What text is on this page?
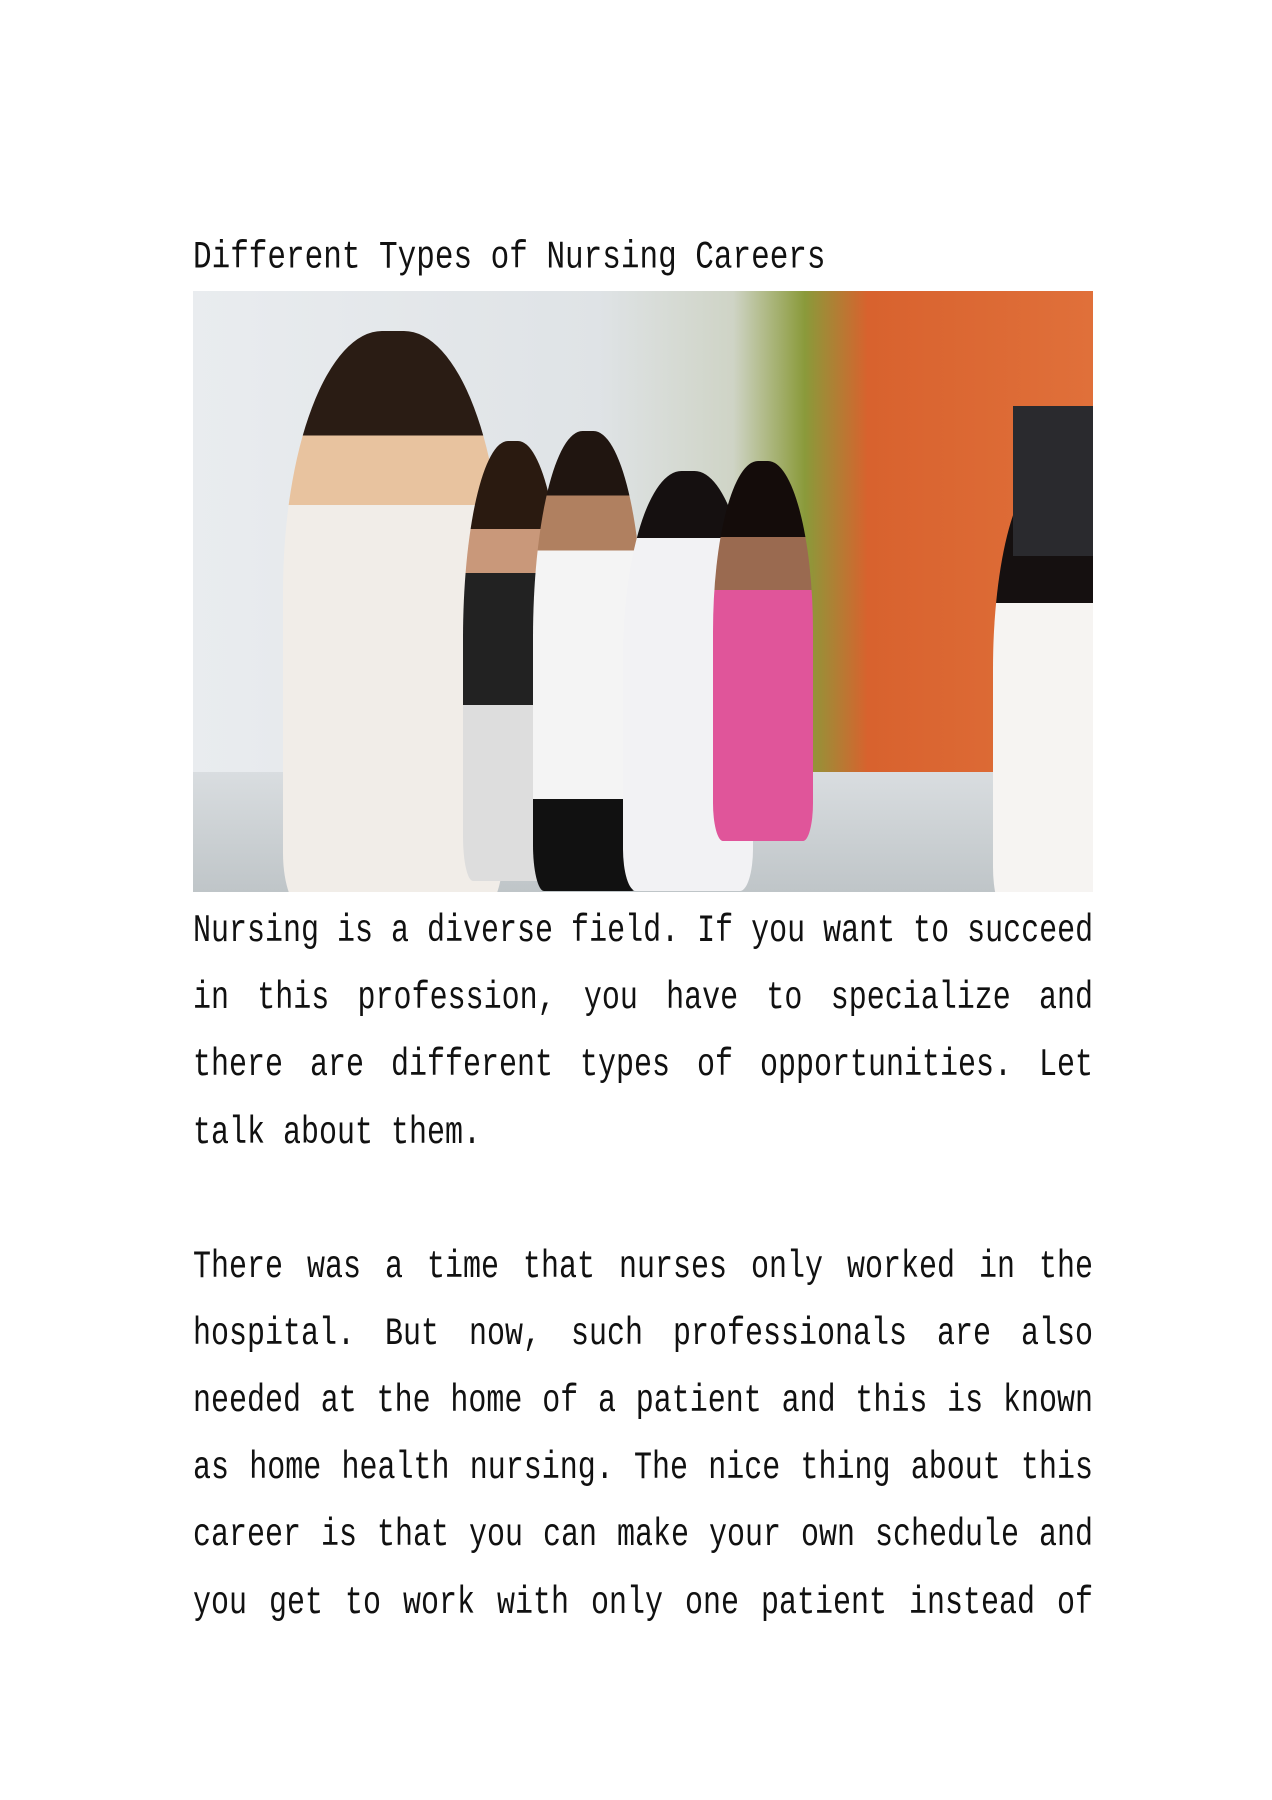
Different Types of Nursing Careers
Nursing is a diverse field. If you want to succeed
in this profession, you have to specialize and
there are different types of opportunities. Let
talk about them.
There was a time that nurses only worked in the
hospital. But now, such professionals are also
needed at the home of a patient and this is known
as home health nursing. The nice thing about this
career is that you can make your own schedule and
you get to work with only one patient instead of
